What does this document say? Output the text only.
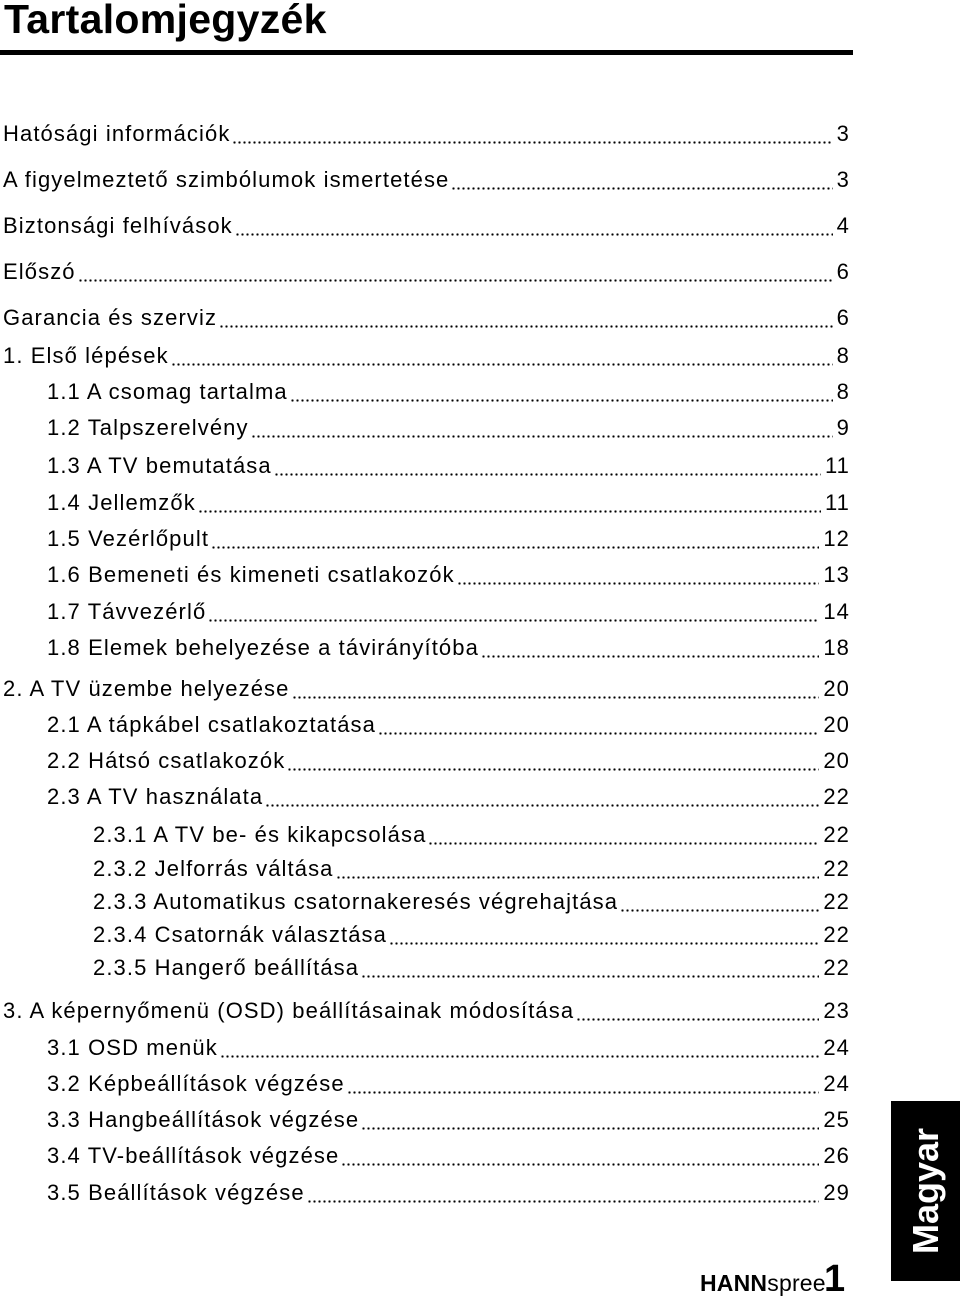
Tartalomjegyzék
Hatósági információk	3
A figyelmeztető szimbólumok ismertetése	3
Biztonsági felhívások	4
Előszó	6
Garancia és szerviz	6
1. Első lépések	8
1.1 A csomag tartalma	8
1.2 Talpszerelvény	9
1.3 A TV bemutatása	11
1.4 Jellemzők	11
1.5 Vezérlőpult	12
1.6 Bemeneti és kimeneti csatlakozók	13
1.7 Távvezérlő	14
1.8 Elemek behelyezése a távirányítóba	18
2. A TV üzembe helyezése	20
2.1 A tápkábel csatlakoztatása	20
2.2 Hátsó csatlakozók	20
2.3 A TV használata	22
2.3.1 A TV be- és kikapcsolása	22
2.3.2 Jelforrás váltása	22
2.3.3 Automatikus csatornakeresés végrehajtása	22
2.3.4 Csatornák választása	22
2.3.5 Hangerő beállítása	22
3. A képernyőmenü (OSD) beállításainak módosítása	23
3.1 OSD menük	24
3.2 Képbeállítások végzése	24
3.3 Hangbeállítások végzése	25
3.4 TV-beállítások végzése	26
3.5 Beállítások végzése	29 Magyar
HANNspree
1
